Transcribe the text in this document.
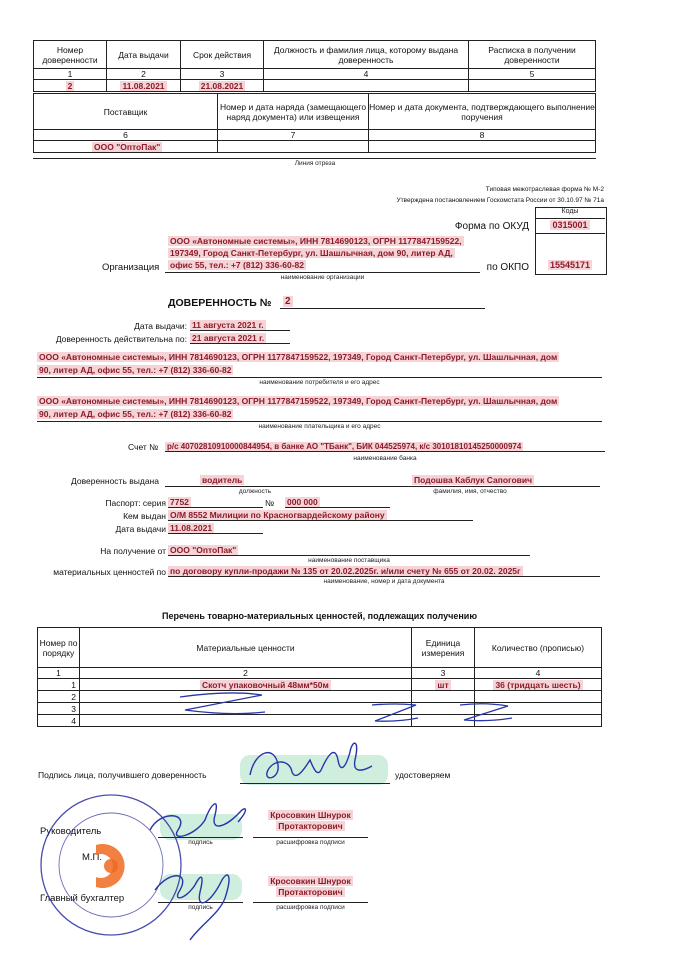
Номер доверенности	Дата выдачи	Срок действия	Должность и фамилия лица, которому выдана доверенность	Расписка в получении доверенности
1	2	3	4	5
2	11.08.2021	21.08.2021		
Поставщик	Номер и дата наряда (замещающего наряд документа) или извещения	Номер и дата документа, подтверждающего выполнение поручения
6	7	8
ООО "ОптоПак"		
Линия отреза
Типовая межотраслевая форма № М-2
Утверждена постановлением Госкомстата России от 30.10.97 № 71а
Коды
Форма по ОКУД	0315001
по ОКПО	15545171
Организация
ООО «Автономные системы», ИНН 7814690123, ОГРН 1177847159522,
197349, Город Санкт-Петербург, ул. Шашлычная, дом 90, литер АД,
офис 55, тел.: +7 (812) 336-60-82
наименование организации
ДОВЕРЕННОСТЬ № 2
Дата выдачи: 11 августа 2021 г.
Доверенность действительна по: 21 августа 2021 г.
ООО «Автономные системы», ИНН 7814690123, ОГРН 1177847159522, 197349, Город Санкт-Петербург, ул. Шашлычная, дом
90, литер АД, офис 55, тел.: +7 (812) 336-60-82
наименование потребителя и его адрес
ООО «Автономные системы», ИНН 7814690123, ОГРН 1177847159522, 197349, Город Санкт-Петербург, ул. Шашлычная, дом
90, литер АД, офис 55, тел.: +7 (812) 336-60-82
наименование плательщика и его адрес
Счет № р/с 40702810910000844954, в банке АО "ТБанк", БИК 044525974, к/с 30101810145250000974
наименование банка
Доверенность выдана	водитель
должность
Подошва Каблук Сапогович
фамилия, имя, отчество
Паспорт: серия 7752	№ 000 000
Кем выдан О/М 8552 Милиции по Красногвардейскому району
Дата выдачи 11.08.2021
На получение от ООО "ОптоПак"
наименование поставщика
материальных ценностей по по договору купли-продажи № 135 от 20.02.2025г. и/или счету № 655 от 20.02. 2025г
наименование, номер и дата документа
Перечень товарно-материальных ценностей, подлежащих получению
Номер по порядку	Материальные ценности	Единица измерения	Количество (прописью)
1	2	3	4
1	Скотч упаковочный 48мм*50м	шт	36 (тридцать шесть)
2			
3			
4			
Подпись лица, получившего доверенность	удостоверяем
Руководитель
подпись
Кросовкин Шнурок
Протакторович
расшифровка подписи
М.П.
Главный бухгалтер
подпись
Кросовкин Шнурок
Протакторович
расшифровка подписи
